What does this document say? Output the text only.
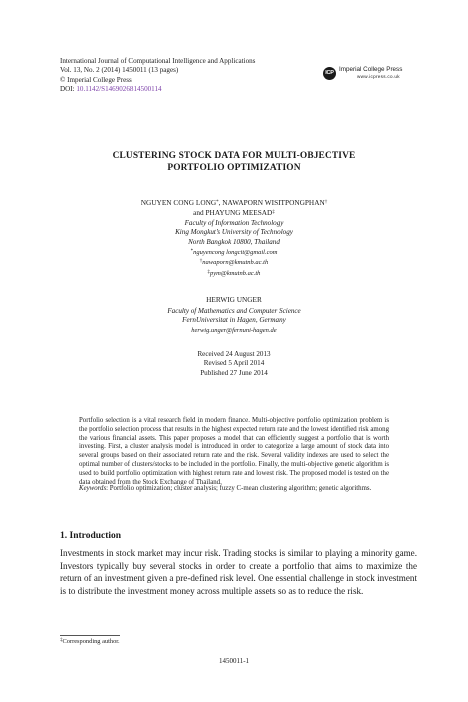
International Journal of Computational Intelligence and Applications
Vol. 13, No. 2 (2014) 1450011 (13 pages)
© Imperial College Press
DOI: 10.1142/S1469026814500114
ICP Imperial College Press
www.icpress.co.uk
CLUSTERING STOCK DATA FOR MULTI-OBJECTIVE
PORTFOLIO OPTIMIZATION
NGUYEN CONG LONG*, NAWAPORN WISITPONGPHAN†
and PHAYUNG MEESAD‡
Faculty of Information Technology
King Mongkut’s University of Technology
North Bangkok 10800, Thailand
*nguyencong longcit@gmail.com
†nawaporn@kmutnb.ac.th
‡pym@kmutnb.ac.th
HERWIG UNGER
Faculty of Mathematics and Computer Science
FernUniversitat in Hagen, Germany
herwig.unger@fernuni-hagen.de
Received 24 August 2013
Revised 5 April 2014
Published 27 June 2014

Portfolio selection is a vital research field in modern finance. Multi-objective portfolio optimization problem is the portfolio selection process that results in the highest expected return rate and the lowest identified risk among the various financial assets. This paper proposes a model that can efficiently suggest a portfolio that is worth investing. First, a cluster analysis model is introduced in order to categorize a large amount of stock data into several groups based on their associated return rate and the risk. Several validity indexes are used to select the optimal number of clusters/stocks to be included in the portfolio. Finally, the multi-objective genetic algorithm is used to build portfolio optimization with highest return rate and lowest risk. The proposed model is tested on the data obtained from the Stock Exchange of Thailand.

Keywords: Portfolio optimization; cluster analysis; fuzzy C-mean clustering algorithm; genetic algorithms.
1. Introduction
Investments in stock market may incur risk. Trading stocks is similar to playing a minority game. Investors typically buy several stocks in order to create a portfolio that aims to maximize the return of an investment given a pre-defined risk level. One essential challenge in stock investment is to distribute the investment money across multiple assets so as to reduce the risk.
‡Corresponding author.
1450011-1
